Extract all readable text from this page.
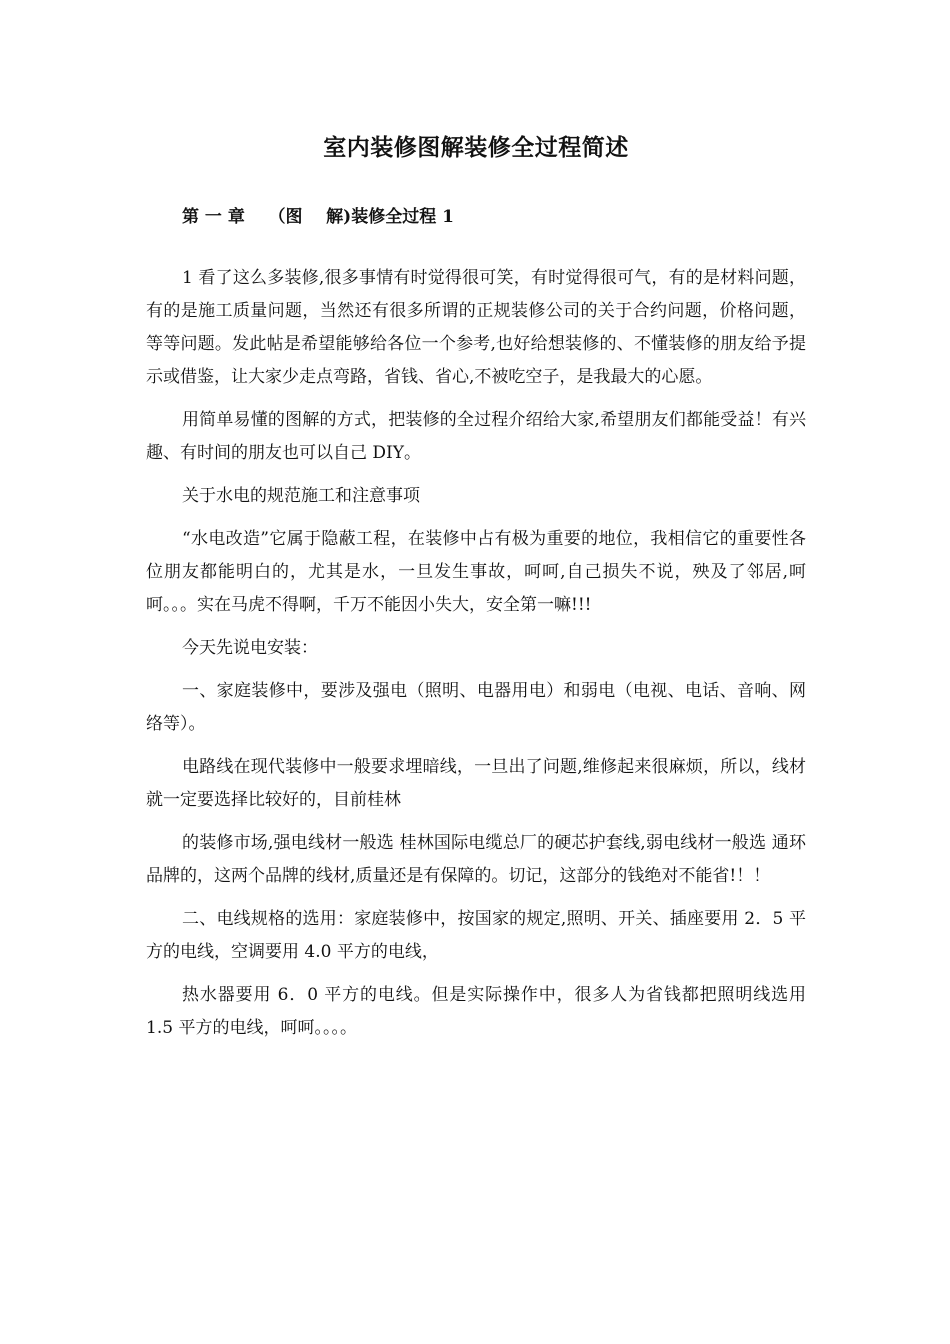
室内装修图解装修全过程简述
第 一 章    （图    解)装修全过程 1

1 看了这么多装修,很多事情有时觉得很可笑，有时觉得很可气，有的是材料问题，有的是施工质量问题，当然还有很多所谓的正规装修公司的关于合约问题，价格问题，等等问题。发此帖是希望能够给各位一个参考,也好给想装修的、不懂装修的朋友给予提示或借鉴，让大家少走点弯路，省钱、省心,不被吃空子，是我最大的心愿。

用简单易懂的图解的方式，把装修的全过程介绍给大家,希望朋友们都能受益！有兴趣、有时间的朋友也可以自己 DIY。

关于水电的规范施工和注意事项

“水电改造”它属于隐蔽工程，在装修中占有极为重要的地位，我相信它的重要性各位朋友都能明白的，尤其是水，一旦发生事故，呵呵,自己损失不说，殃及了邻居,呵呵。。。实在马虎不得啊，千万不能因小失大，安全第一嘛!!!

今天先说电安装：

一、家庭装修中，要涉及强电（照明、电器用电）和弱电（电视、电话、音响、网络等）。

电路线在现代装修中一般要求埋暗线，一旦出了问题,维修起来很麻烦，所以，线材就一定要选择比较好的，目前桂林

的装修市场,强电线材一般选 桂林国际电缆总厂的硬芯护套线,弱电线材一般选 通环品牌的，这两个品牌的线材,质量还是有保障的。切记，这部分的钱绝对不能省!！！

二、电线规格的选用：家庭装修中，按国家的规定,照明、开关、插座要用 2．5 平方的电线，空调要用 4.0 平方的电线，

热水器要用 6．0 平方的电线。但是实际操作中，很多人为省钱都把照明线选用 1.5 平方的电线，呵呵。。。。
